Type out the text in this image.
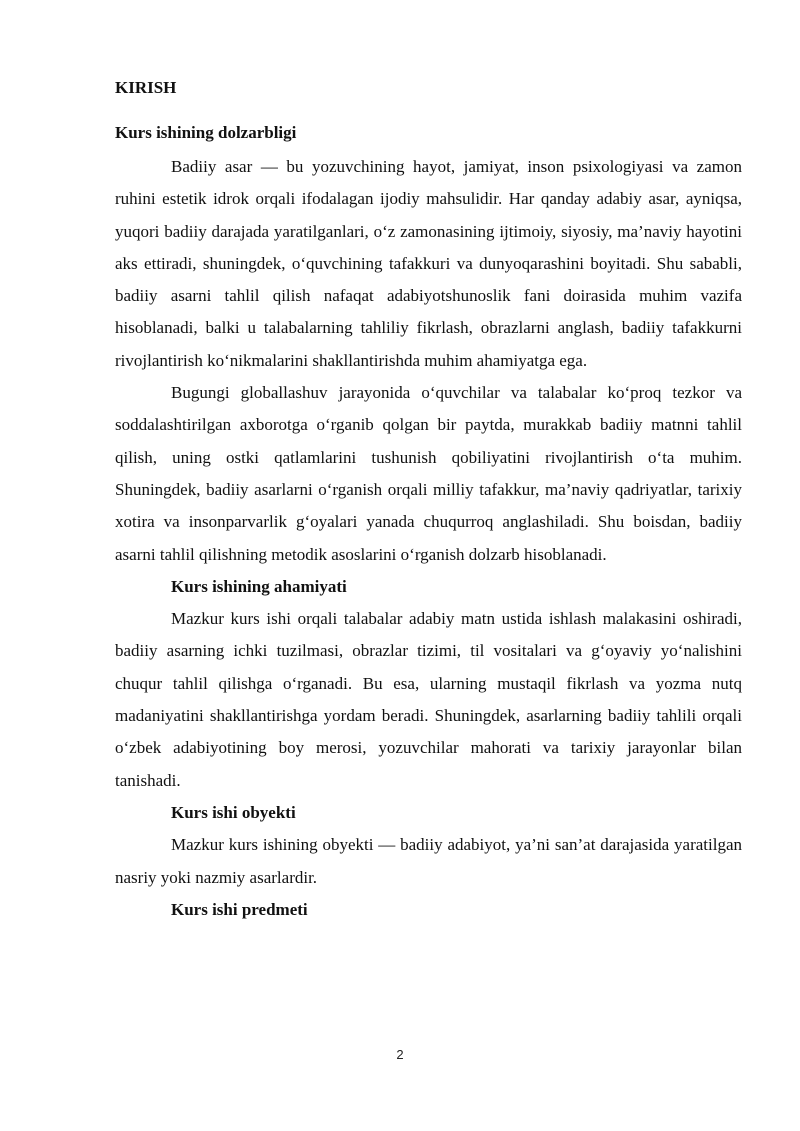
KIRISH
Kurs ishining dolzarbligi

Badiiy asar — bu yozuvchining hayot, jamiyat, inson psixologiyasi va zamon ruhini estetik idrok orqali ifodalagan ijodiy mahsulidir. Har qanday adabiy asar, ayniqsa, yuqori badiiy darajada yaratilganlari, o‘z zamonasining ijtimoiy, siyosiy, ma’naviy hayotini aks ettiradi, shuningdek, o‘quvchining tafakkuri va dunyoqarashini boyitadi. Shu sababli, badiiy asarni tahlil qilish nafaqat adabiyotshunoslik fani doirasida muhim vazifa hisoblanadi, balki u talabalarning tahliliy fikrlash, obrazlarni anglash, badiiy tafakkurni rivojlantirish ko‘nikmalarini shakllantirishda muhim ahamiyatga ega.

Bugungi globallashuv jarayonida o‘quvchilar va talabalar ko‘proq tezkor va soddalashtirilgan axborotga o‘rganib qolgan bir paytda, murakkab badiiy matnni tahlil qilish, uning ostki qatlamlarini tushunish qobiliyatini rivojlantirish o‘ta muhim. Shuningdek, badiiy asarlarni o‘rganish orqali milliy tafakkur, ma’naviy qadriyatlar, tarixiy xotira va insonparvarlik g‘oyalari yanada chuqurroq anglashiladi. Shu boisdan, badiiy asarni tahlil qilishning metodik asoslarini o‘rganish dolzarb hisoblanadi.

Kurs ishining ahamiyati

Mazkur kurs ishi orqali talabalar adabiy matn ustida ishlash malakasini oshiradi, badiiy asarning ichki tuzilmasi, obrazlar tizimi, til vositalari va g‘oyaviy yo‘nalishini chuqur tahlil qilishga o‘rganadi. Bu esa, ularning mustaqil fikrlash va yozma nutq madaniyatini shakllantirishga yordam beradi. Shuningdek, asarlarning badiiy tahlili orqali o‘zbek adabiyotining boy merosi, yozuvchilar mahorati va tarixiy jarayonlar bilan tanishadi.

Kurs ishi obyekti

Mazkur kurs ishining obyekti — badiiy adabiyot, ya’ni san’at darajasida yaratilgan nasriy yoki nazmiy asarlardir.

Kurs ishi predmeti

2
